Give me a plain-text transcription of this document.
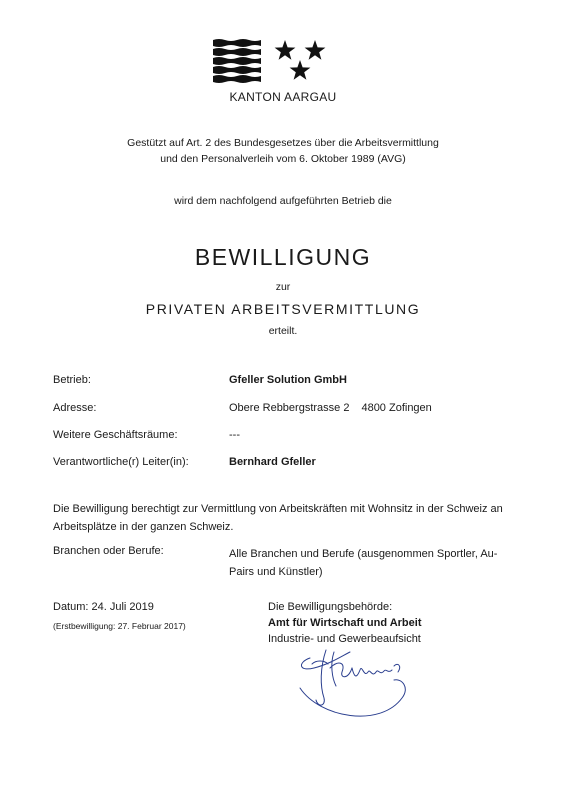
KANTON AARGAU
Gestützt auf Art. 2 des Bundesgesetzes über die Arbeitsvermittlung
und den Personalverleih vom 6. Oktober 1989 (AVG)
wird dem nachfolgend aufgeführten Betrieb die
BEWILLIGUNG
zur
PRIVATEN ARBEITSVERMITTLUNG
erteilt.
Betrieb:	Gfeller Solution GmbH
Adresse:	Obere Rebbergstrasse 2 4800 Zofingen
Weitere Geschäftsräume:	---
Verantwortliche(r) Leiter(in):	Bernhard Gfeller
Die Bewilligung berechtigt zur Vermittlung von Arbeitskräften mit Wohnsitz in der Schweiz an
Arbeitsplätze in der ganzen Schweiz.
Branchen oder Berufe:	Alle Branchen und Berufe (ausgenommen Sportler, Au-
Pairs und Künstler)
Datum: 24. Juli 2019
(Erstbewilligung: 27. Februar 2017)
Die Bewilligungsbehörde:
Amt für Wirtschaft und Arbeit
Industrie- und Gewerbeaufsicht
